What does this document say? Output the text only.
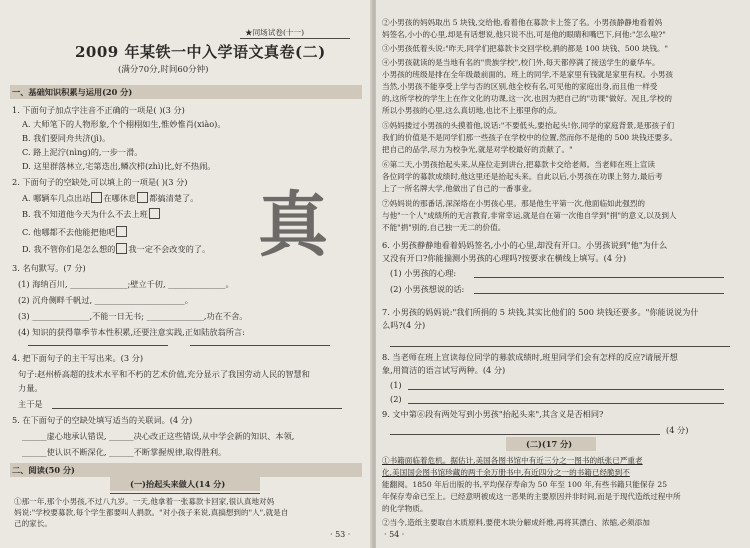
★同场试卷(十一)
2009 年某铁一中入学语文真卷(二)
(满分70分,时间60分钟)
一、基础知识积累与运用(20 分)
1. 下面句子加点字注音不正确的一项是( )(3 分)
A. 大师笔下的人物形象,个个栩栩如生,惟妙惟肖(xiào)。
B. 我们要同舟共济(jì)。
C. 路上泥泞(nìng)的,一步一滑。
D. 这里群落林立,宅第迭出,鳞次栉(zhì)比,好不热闹。
2. 下面句子的空缺处,可以填上的一项是( )(3 分)
A. 哪辆车几点出站 在哪休息 都搞清楚了。
B. 我不知道他今天为什么不去上班
C. 他哪都不去他能把他吧
D. 我不管你们是怎么想的 我一定不会改变的了。
3. 名句默写。(7 分)
(1) 海纳百川, ______________;壁立千仞, ______________。
(2) 沉舟侧畔千帆过, ______________________。
(3) ______________,不能一日无书; ______________,功在不舍。
(4) 知识的获得靠季节本性积累,还要注意实践,正如陆放翁所言:
4. 把下面句子的主干写出来。(3 分)
句子:赵州桥高超的技术水平和不朽的艺术价值,充分显示了我国劳动人民的智慧和
力量。
主干是
5. 在下面句子的空缺处填写适当的关联词。(4 分)
______虚心地承认错误, ______决心改正这些错误,从中学会新的知识、本领,
______使认识不断深化, ______不断掌握规律,取得胜利。
二、阅读(50 分)
(一)抬起头来做人(14 分)
①那一年,那个小男孩,不过八九岁。一天,他拿着一张募款卡回家,很认真地对妈
妈说:"学校要募款,每个学生都要叫人捐款。"对小孩子来说,真搞想到的"人",就是自
己的家长。
· 53 ·
②小男孩的妈妈取出 5 块钱,交给他,看着他在募款卡上签了名。小男孩静静地看着妈
妈签名,小小的心里,却是有话想说,他只说不出,可是他的眼睛和嘴巴下,问他:"怎么啦?"
③小男孩低着头说:"昨天,同学们把募款卡交回学校,捐的都是 100 块钱、500 块钱。"
④小男孩就读的是当地有名的"贵族学校",校门外,每天都停满了接送学生的豪华车。
小男孩的班级是排在全年级最前面的。班上的同学,不是家里有钱就是家里有权。小男孩
当然,小男孩不能享受上学与否的区别,他全校有名,可见他的家庭出身,而且他一样受
的,这所学校的学生上在作文化的功课,这一次,也因为把自己的"功课"做好。况且,学校的
所以小男孩的心里,这么真切地,也比不上那里你的点。
⑤妈妈搂过小男孩的头摸着他,说话:"不要低头,要抬起头!你,同学的家庭背景,是那孩子们
我们的价值是不是同学们那一些孩子在学校中的位置,然而你不是他的 500 块钱还要多。
把自己的品学,尽力为校争光,就是对学校最好的贡献了。"
⑥第二天,小男孩抬起头来,从座位走到讲台,把募款卡交给老师。当老师在班上宣读
各位同学的募款成绩时,他这里还是抬起头来。自此以后,小男孩在功课上努力,最后考
上了一所名牌大学,他做出了自己的一番事业。
⑦妈妈说的那番话,深深烙在小男孩心里。那是他生平第一次,他面临如此强烈的
与他"一个人"成绩所的无言教育,非常幸运,就是自在第一次他自学到"捐"的意义,以及到人
不能"捐"别的,自己独一无二的价值。
6. 小男孩静静地看着妈妈签名,小小的心里,却没有开口。小男孩说到"他"为什么
又没有开口?你能揣测小男孩的心理吗?按要求在横线上填写。(4 分)
(1) 小男孩的心理:
(2) 小男孩想说的话:
7. 小男孩的妈妈说:"我们所捐的 5 块钱,其实比他们的 500 块钱还要多。"你能说说为什
么吗?(4 分)
8. 当老师在班上宣读每位同学的募款成绩时,班里同学们会有怎样的反应?请展开想
象,用简洁的语言试写两种。(4 分)
(1)
(2)
9. 文中第⑥段有两处写到小男孩"抬起头来",其含义是否相同?
(4 分)
(二)(17 分)
①书籍面临着危机。据估计,美国各图书馆中有近三分之一图书的纸张已严重老
化,美国国会图书馆珍藏的两千余万册书中,有近四分之一的书籍已经脆到不
能翻阅。1850 年后出版的书,平均保存寿命为 50 年至 100 年,有些书籍只能保存 25
年保存寿命已至上。已经意明被成这一恶果的主要原因并非时间,而是于现代造纸过程中所
的化学物质。
②当今,造纸主要取自木质原料,要使木块分解成纤维,再将其漂白、浓缩,必须添加
· 54 ·
真
